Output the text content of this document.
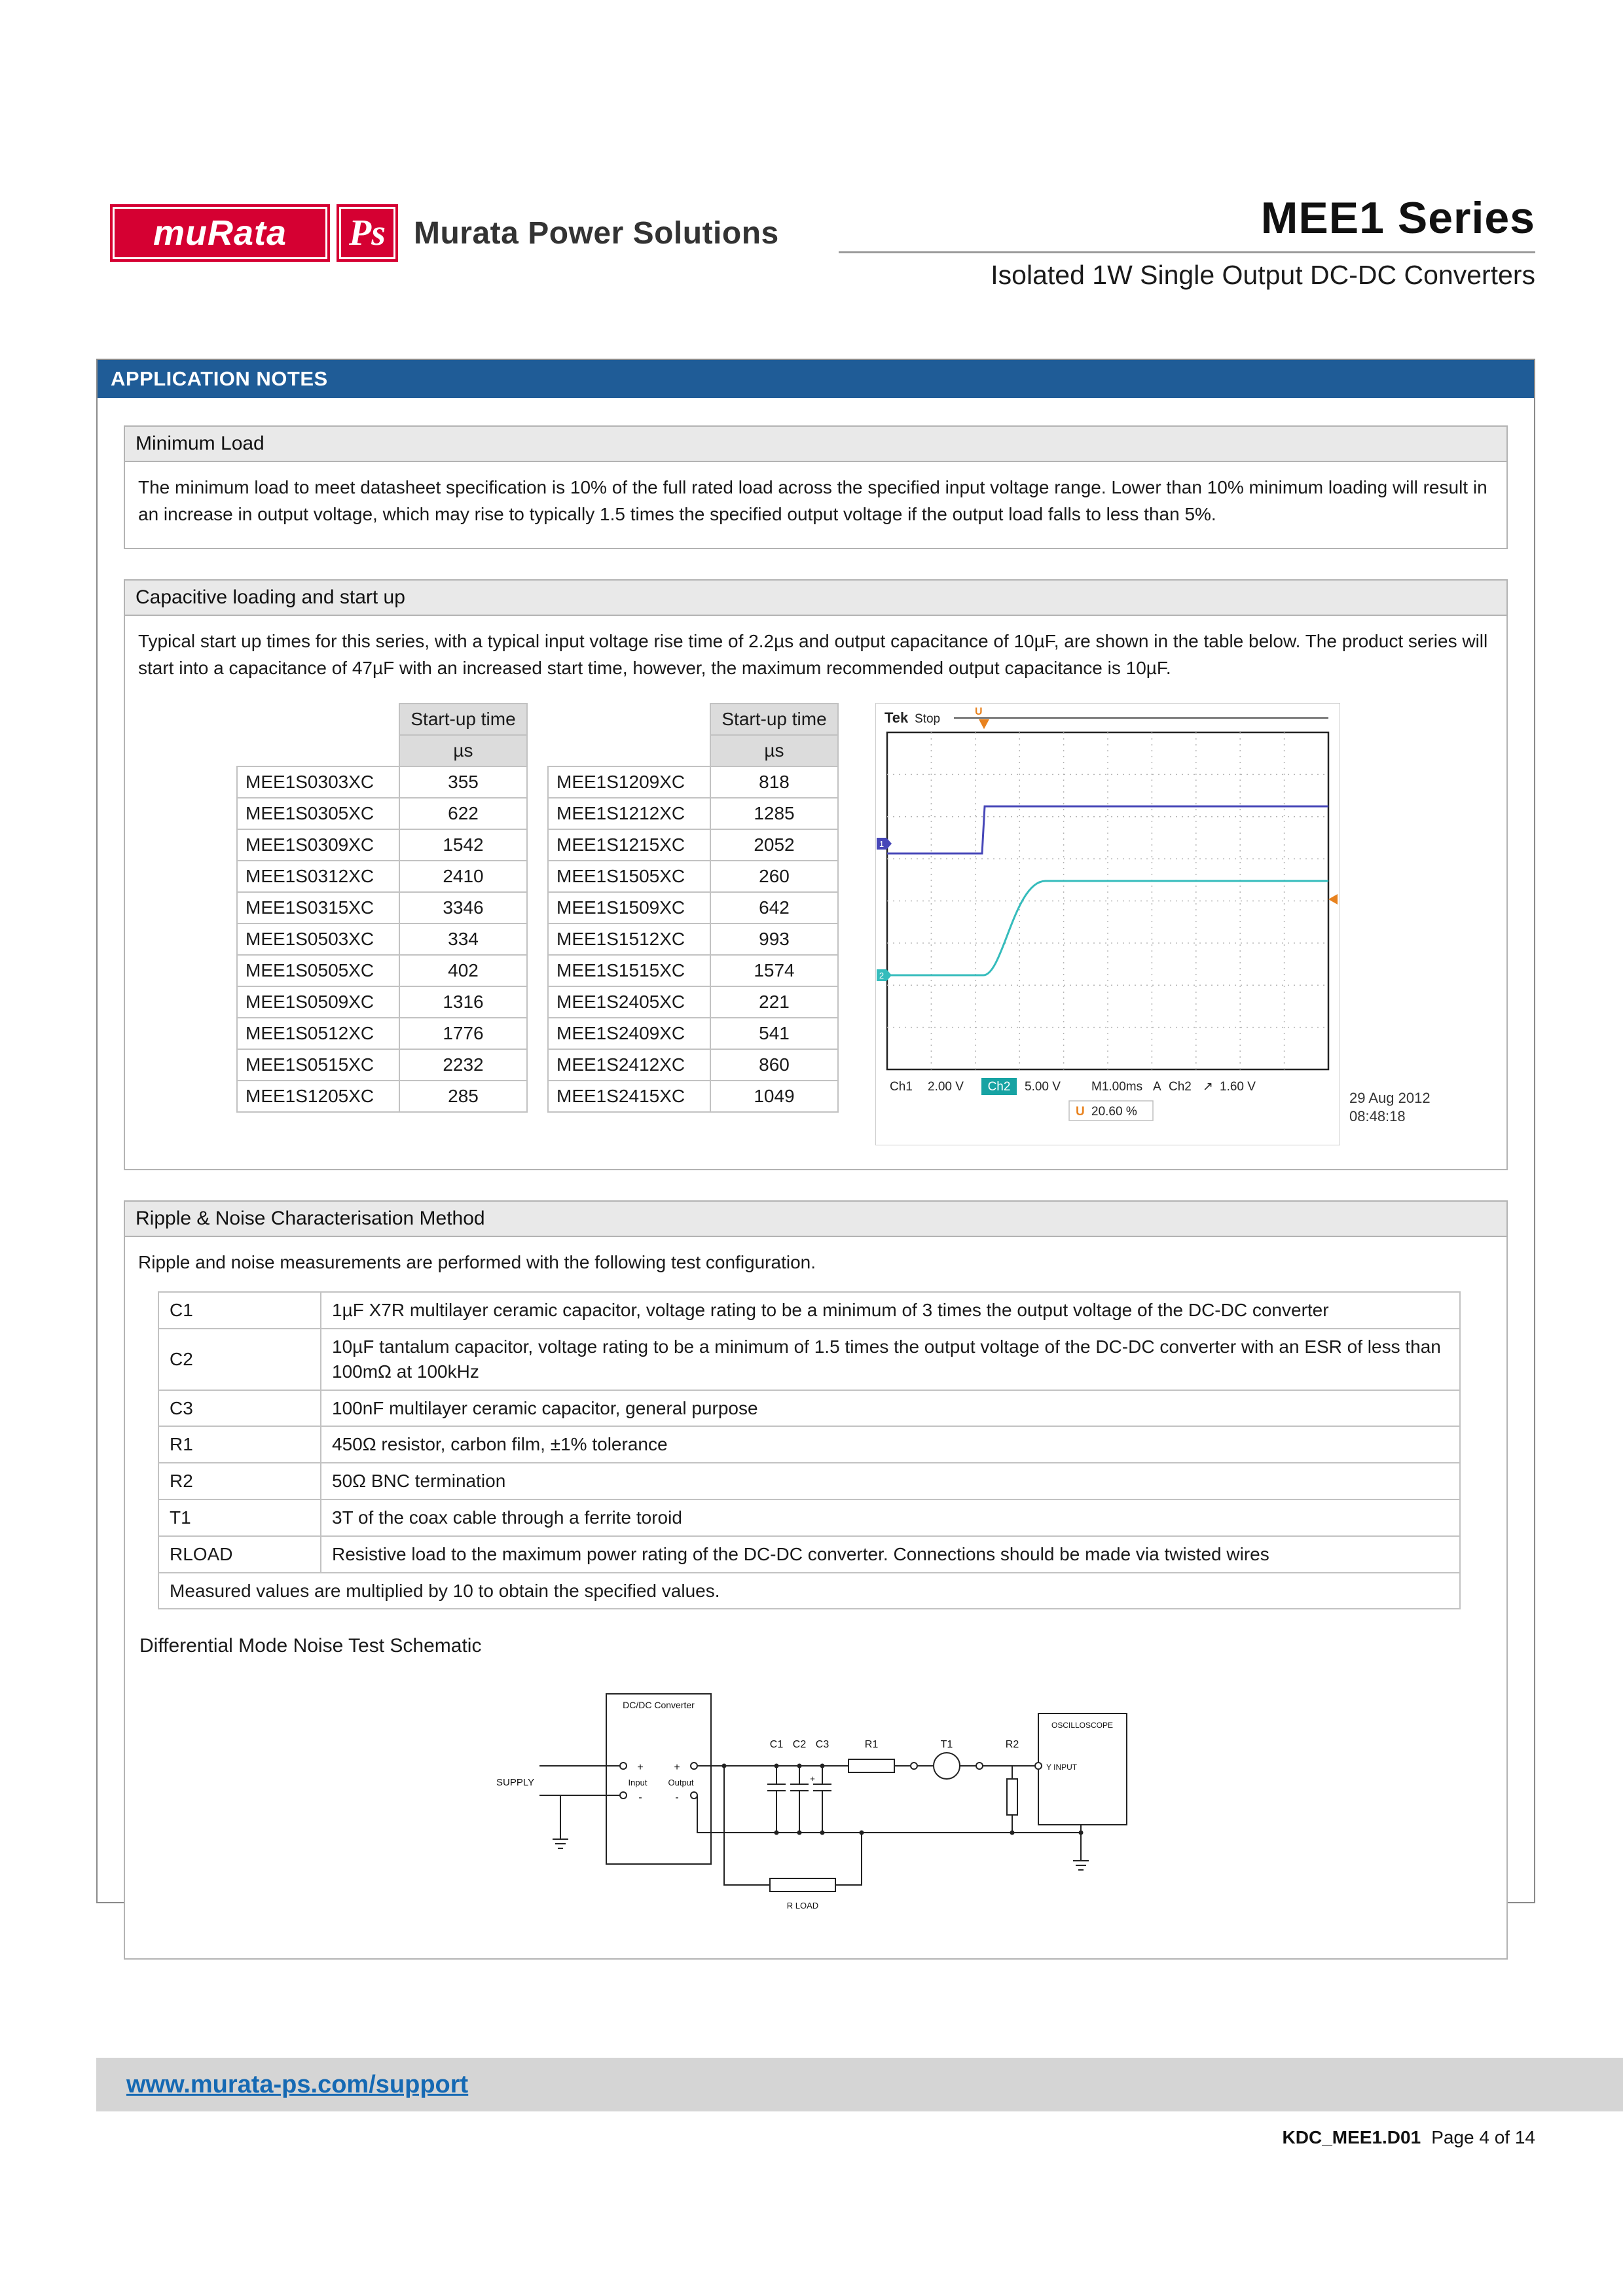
muRata Ps Murata Power Solutions	MEE1 Series
Isolated 1W Single Output DC-DC Converters
APPLICATION NOTES
Minimum Load

The minimum load to meet datasheet specification is 10% of the full rated load across the specified input voltage range. Lower than 10% minimum loading will result in an increase in output voltage, which may rise to typically 1.5 times the specified output voltage if the output load falls to less than 5%.

Capacitive loading and start up

Typical start up times for this series, with a typical input voltage rise time of 2.2µs and output capacitance of 10µF, are shown in the table below. The product series will start into a capacitance of 47µF with an increased start time, however, the maximum recommended output capacitance is 10µF.

	Start-up time
	µs
MEE1S0303XC	355
MEE1S0305XC	622
MEE1S0309XC	1542
MEE1S0312XC	2410
MEE1S0315XC	3346
MEE1S0503XC	334
MEE1S0505XC	402
MEE1S0509XC	1316
MEE1S0512XC	1776
MEE1S0515XC	2232
MEE1S1205XC	285
	Start-up time
	µs
MEE1S1209XC	818
MEE1S1212XC	1285
MEE1S1215XC	2052
MEE1S1505XC	260
MEE1S1509XC	642
MEE1S1512XC	993
MEE1S1515XC	1574
MEE1S2405XC	221
MEE1S2409XC	541
MEE1S2412XC	860
MEE1S2415XC	1049
Tek Stop
U
1
2
Ch1 2.00 V Ch2 5.00 V M1.00ms A Ch2 ↗ 1.60 V
U 20.60 %
29 Aug 2012
08:48:18
Ripple & Noise Characterisation Method

Ripple and noise measurements are performed with the following test configuration.

C1	1µF X7R multilayer ceramic capacitor, voltage rating to be a minimum of 3 times the output voltage of the DC-DC converter
C2	10µF tantalum capacitor, voltage rating to be a minimum of 1.5 times the output voltage of the DC-DC converter with an ESR of less than 100mΩ at 100kHz
C3	100nF multilayer ceramic capacitor, general purpose
R1	450Ω resistor, carbon film, ±1% tolerance
R2	50Ω BNC termination
T1	3T of the coax cable through a ferrite toroid
RLOAD	Resistive load to the maximum power rating of the DC-DC converter. Connections should be made via twisted wires
Measured values are multiplied by 10 to obtain the specified values.	
Differential Mode Noise Test Schematic
SUPPLY
DC/DC Converter
+
-
+
-
Input Output
C1 C2 C3	R1	T1	R2
+
OSCILLOSCOPE
Y INPUT
R LOAD
www.murata-ps.com/support
KDC_MEE1.D01 Page 4 of 14
